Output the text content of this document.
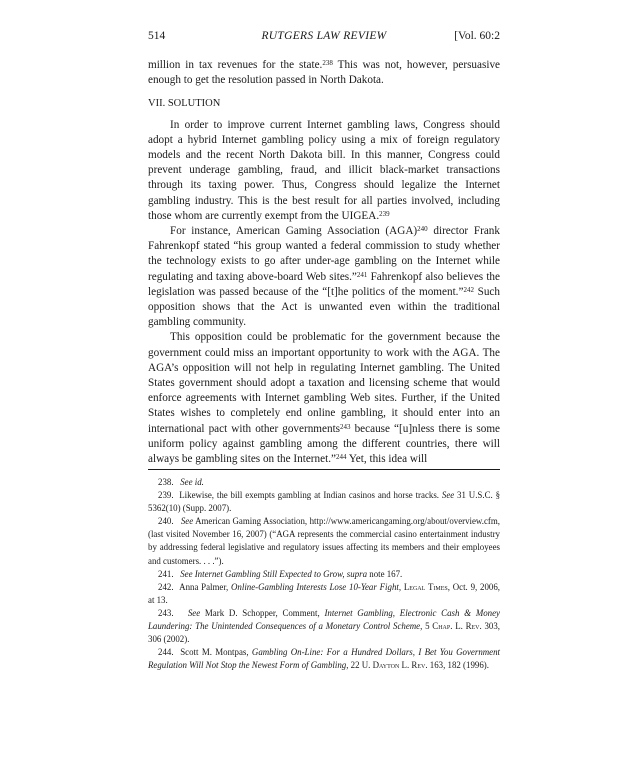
514	RUTGERS LAW REVIEW	[Vol. 60:2

million in tax revenues for the state.$^{238}$ This was not, however, persuasive enough to get the resolution passed in North Dakota.

VII. SOLUTION

In order to improve current Internet gambling laws, Congress should adopt a hybrid Internet gambling policy using a mix of foreign regulatory models and the recent North Dakota bill. In this manner, Congress could prevent underage gambling, fraud, and illicit black-market transactions through its taxing power. Thus, Congress should legalize the Internet gambling industry. This is the best result for all parties involved, including those whom are currently exempt from the UIGEA.$^{239}$

For instance, American Gaming Association (AGA)$^{240}$ director Frank Fahrenkopf stated “his group wanted a federal commission to study whether the technology exists to go after under-age gambling on the Internet while regulating and taxing above-board Web sites.”$^{241}$ Fahrenkopf also believes the legislation was passed because of the “[t]he politics of the moment.”$^{242}$ Such opposition shows that the Act is unwanted even within the traditional gambling community.

This opposition could be problematic for the government because the government could miss an important opportunity to work with the AGA. The AGA’s opposition will not help in regulating Internet gambling. The United States government should adopt a taxation and licensing scheme that would enforce agreements with Internet gambling Web sites. Further, if the United States wishes to completely end online gambling, it should enter into an international pact with other governments$^{243}$ because “[u]nless there is some uniform policy against gambling among the different countries, there will always be gambling sites on the Internet.”$^{244}$ Yet, this idea will

238. See id.

239. Likewise, the bill exempts gambling at Indian casinos and horse tracks. See 31 U.S.C. § 5362(10) (Supp. 2007).

240. See American Gaming Association, http://www.americangaming.org/about/overview.cfm, (last visited November 16, 2007) (“AGA represents the commercial casino entertainment industry by addressing federal legislative and regulatory issues affecting its members and their employees and customers. . . .”).

241. See Internet Gambling Still Expected to Grow, supra note 167.

242. Anna Palmer, Online-Gambling Interests Lose 10-Year Fight, Legal Times, Oct. 9, 2006, at 13.

243. See Mark D. Schopper, Comment, Internet Gambling, Electronic Cash & Money Laundering: The Unintended Consequences of a Monetary Control Scheme, 5 Chap. L. Rev. 303, 306 (2002).

244. Scott M. Montpas, Gambling On-Line: For a Hundred Dollars, I Bet You Government Regulation Will Not Stop the Newest Form of Gambling, 22 U. Dayton L. Rev. 163, 182 (1996).
